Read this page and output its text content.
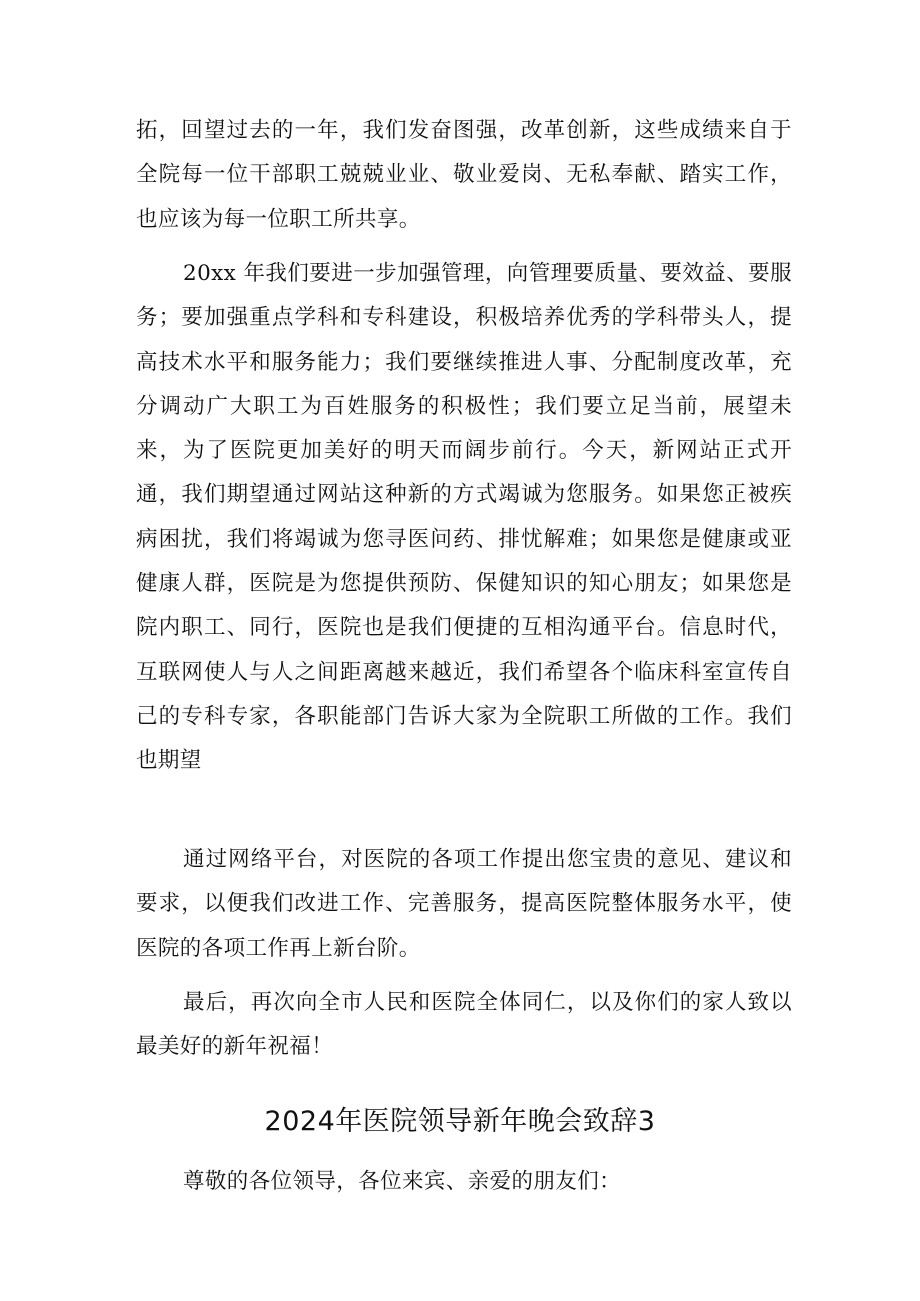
拓，回望过去的一年，我们发奋图强，改革创新，这些成绩来自于全院每一位干部职工兢兢业业、敬业爱岗、无私奉献、踏实工作，也应该为每一位职工所共享。

20xx 年我们要进一步加强管理，向管理要质量、要效益、要服务；要加强重点学科和专科建设，积极培养优秀的学科带头人，提高技术水平和服务能力；我们要继续推进人事、分配制度改革，充分调动广大职工为百姓服务的积极性；我们要立足当前，展望未来，为了医院更加美好的明天而阔步前行。今天，新网站正式开通，我们期望通过网站这种新的方式竭诚为您服务。如果您正被疾病困扰，我们将竭诚为您寻医问药、排忧解难；如果您是健康或亚健康人群，医院是为您提供预防、保健知识的知心朋友；如果您是院内职工、同行，医院也是我们便捷的互相沟通平台。信息时代，互联网使人与人之间距离越来越近，我们希望各个临床科室宣传自己的专科专家，各职能部门告诉大家为全院职工所做的工作。我们也期望

通过网络平台，对医院的各项工作提出您宝贵的意见、建议和要求，以便我们改进工作、完善服务，提高医院整体服务水平，使医院的各项工作再上新台阶。

最后，再次向全市人民和医院全体同仁，以及你们的家人致以最美好的新年祝福！

2024年医院领导新年晚会致辞3

尊敬的各位领导，各位来宾、亲爱的朋友们：
